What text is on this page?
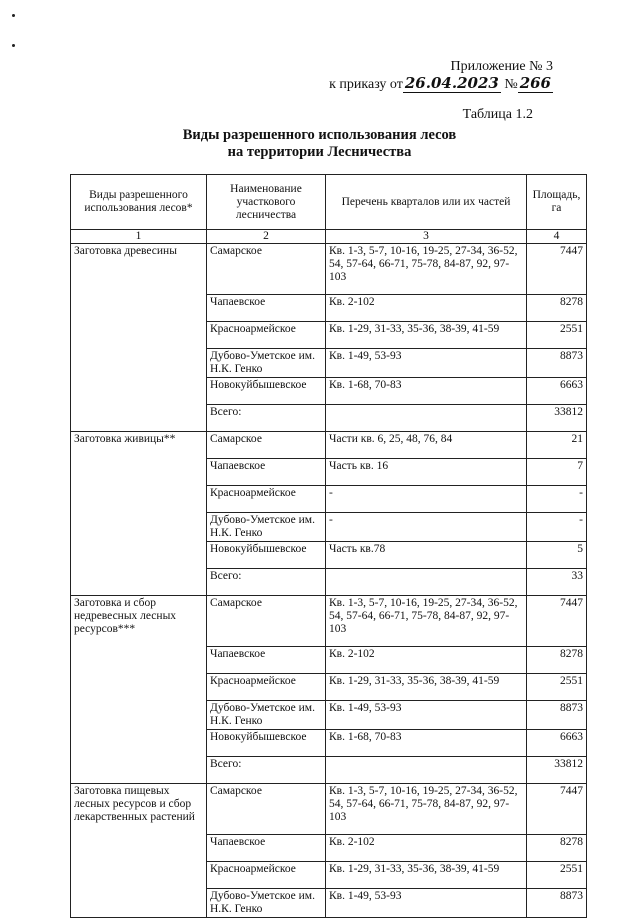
Приложение № 3
к приказу от 26.04.2023 № 266
Таблица 1.2
Виды разрешенного использования лесов
на территории Лесничества
Виды разрешенного использования лесов*	Наименование участкового лесничества	Перечень кварталов или их частей	Площадь, га
1	2	3	4
Заготовка древесины	Самарское	Кв. 1-3, 5-7, 10-16, 19-25, 27-34, 36-52, 54, 57-64, 66-71, 75-78, 84-87, 92, 97-103	7447
	Чапаевское	Кв. 2-102	8278
	Красноармейское	Кв. 1-29, 31-33, 35-36, 38-39, 41-59	2551
	Дубово-Уметское им. Н.К. Генко	Кв. 1-49, 53-93	8873
	Новокуйбышевское	Кв. 1-68, 70-83	6663
	Всего:		33812
Заготовка живицы**	Самарское	Части кв. 6, 25, 48, 76, 84	21
	Чапаевское	Часть кв. 16	7
	Красноармейское	-	-
	Дубово-Уметское им. Н.К. Генко	-	-
	Новокуйбышевское	Часть кв.78	5
	Всего:		33
Заготовка и сбор недревесных лесных ресурсов***	Самарское	Кв. 1-3, 5-7, 10-16, 19-25, 27-34, 36-52, 54, 57-64, 66-71, 75-78, 84-87, 92, 97-103	7447
	Чапаевское	Кв. 2-102	8278
	Красноармейское	Кв. 1-29, 31-33, 35-36, 38-39, 41-59	2551
	Дубово-Уметское им. Н.К. Генко	Кв. 1-49, 53-93	8873
	Новокуйбышевское	Кв. 1-68, 70-83	6663
	Всего:		33812
Заготовка пищевых лесных ресурсов и сбор лекарственных растений	Самарское	Кв. 1-3, 5-7, 10-16, 19-25, 27-34, 36-52, 54, 57-64, 66-71, 75-78, 84-87, 92, 97-103	7447
	Чапаевское	Кв. 2-102	8278
	Красноармейское	Кв. 1-29, 31-33, 35-36, 38-39, 41-59	2551
	Дубово-Уметское им. Н.К. Генко	Кв. 1-49, 53-93	8873
